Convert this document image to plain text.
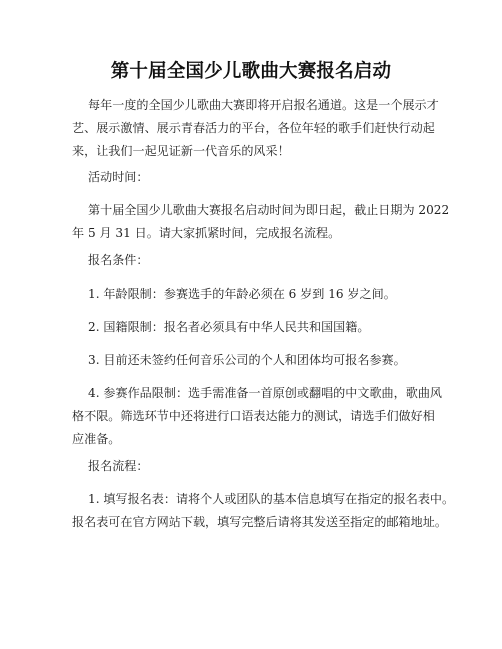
第十届全国少儿歌曲大赛报名启动

每年一度的全国少儿歌曲大赛即将开启报名通道。这是一个展示才
艺、展示激情、展示青春活力的平台，各位年轻的歌手们赶快行动起
来，让我们一起见证新一代音乐的风采！

活动时间：

第十届全国少儿歌曲大赛报名启动时间为即日起，截止日期为 2022
年 5 月 31 日。请大家抓紧时间，完成报名流程。

报名条件：

1. 年龄限制：参赛选手的年龄必须在 6 岁到 16 岁之间。

2. 国籍限制：报名者必须具有中华人民共和国国籍。

3. 目前还未签约任何音乐公司的个人和团体均可报名参赛。

4. 参赛作品限制：选手需准备一首原创或翻唱的中文歌曲，歌曲风
格不限。筛选环节中还将进行口语表达能力的测试，请选手们做好相
应准备。

报名流程：

1. 填写报名表：请将个人或团队的基本信息填写在指定的报名表中。
报名表可在官方网站下载，填写完整后请将其发送至指定的邮箱地址。
